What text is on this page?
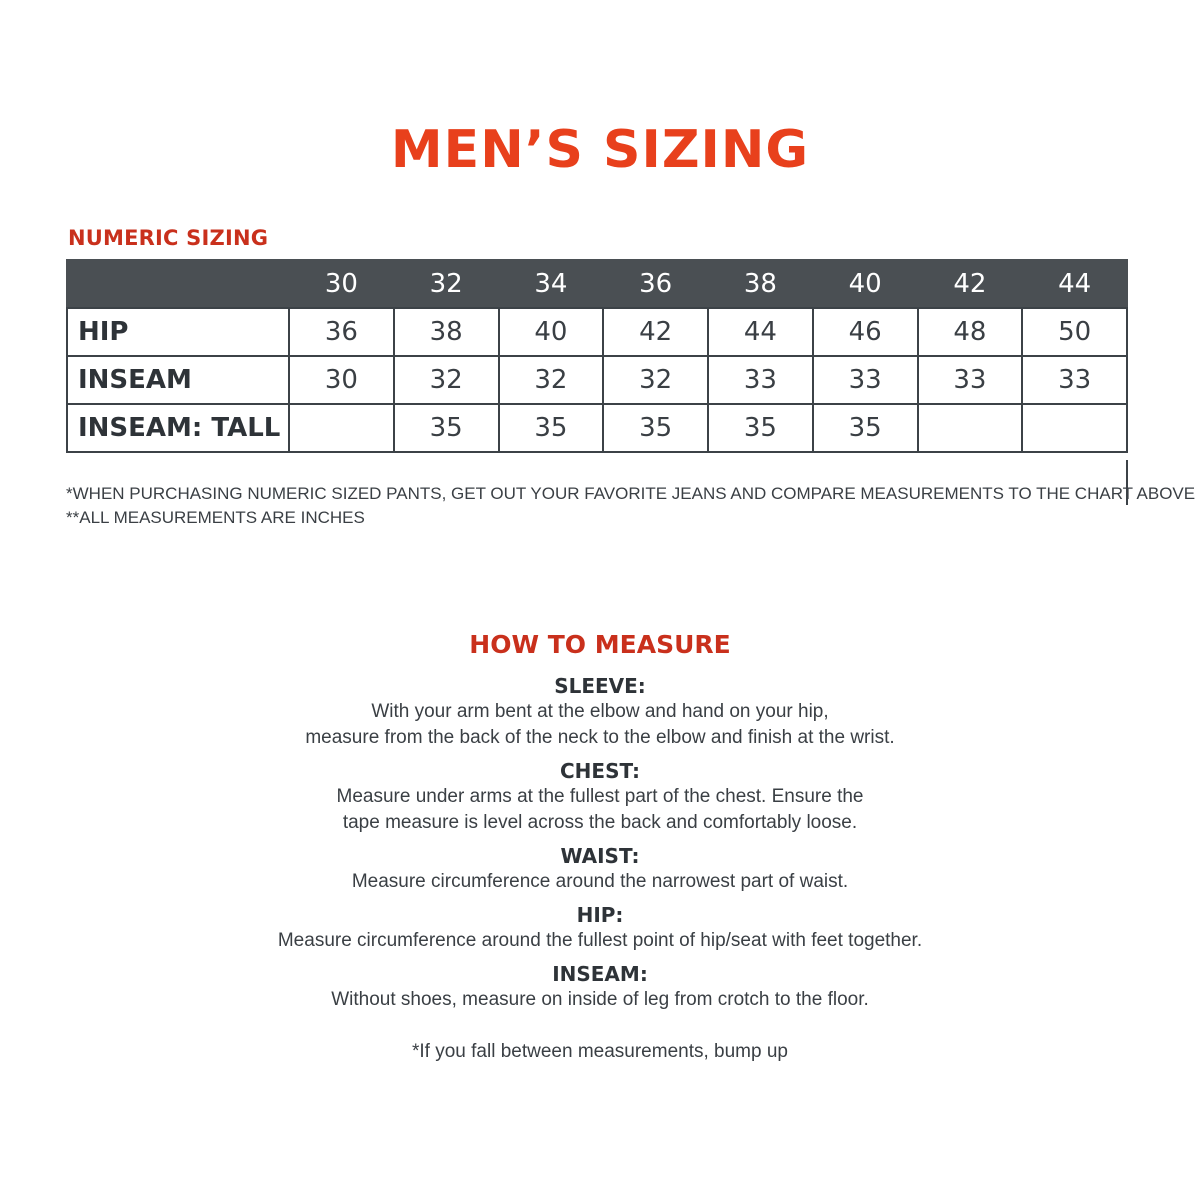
MEN’S SIZING
NUMERIC SIZING
	30	32	34	36	38	40	42	44
HIP	36	38	40	42	44	46	48	50
INSEAM	30	32	32	32	33	33	33	33
INSEAM: TALL		35	35	35	35	35		

*WHEN PURCHASING NUMERIC SIZED PANTS, GET OUT YOUR FAVORITE JEANS AND COMPARE MEASUREMENTS TO THE CHART ABOVE

**ALL MEASUREMENTS ARE INCHES

HOW TO MEASURE

SLEEVE:

With your arm bent at the elbow and hand on your hip,

measure from the back of the neck to the elbow and finish at the wrist.

CHEST:

Measure under arms at the fullest part of the chest. Ensure the

tape measure is level across the back and comfortably loose.

WAIST:

Measure circumference around the narrowest part of waist.

HIP:

Measure circumference around the fullest point of hip/seat with feet together.

INSEAM:

Without shoes, measure on inside of leg from crotch to the floor.

*If you fall between measurements, bump up
